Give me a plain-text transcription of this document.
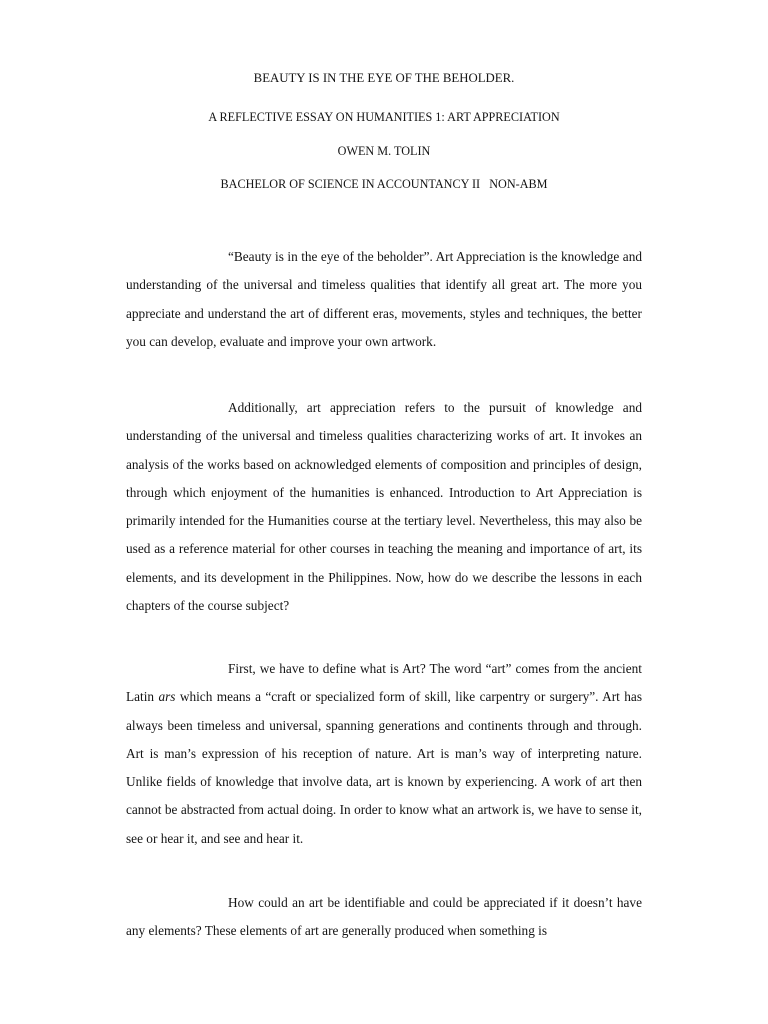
BEAUTY IS IN THE EYE OF THE BEHOLDER.
A REFLECTIVE ESSAY ON HUMANITIES 1: ART APPRECIATION
OWEN M. TOLIN
BACHELOR OF SCIENCE IN ACCOUNTANCY II   NON-ABM

“Beauty is in the eye of the beholder”. Art Appreciation is the knowledge and understanding of the universal and timeless qualities that identify all great art. The more you appreciate and understand the art of different eras, movements, styles and techniques, the better you can develop, evaluate and improve your own artwork.

Additionally, art appreciation refers to the pursuit of knowledge and understanding of the universal and timeless qualities characterizing works of art. It invokes an analysis of the works based on acknowledged elements of composition and principles of design, through which enjoyment of the humanities is enhanced. Introduction to Art Appreciation is primarily intended for the Humanities course at the tertiary level. Nevertheless, this may also be used as a reference material for other courses in teaching the meaning and importance of art, its elements, and its development in the Philippines. Now, how do we describe the lessons in each chapters of the course subject?

First, we have to define what is Art? The word “art” comes from the ancient Latin ars which means a “craft or specialized form of skill, like carpentry or surgery”. Art has always been timeless and universal, spanning generations and continents through and through. Art is man’s expression of his reception of nature. Art is man’s way of interpreting nature. Unlike fields of knowledge that involve data, art is known by experiencing. A work of art then cannot be abstracted from actual doing. In order to know what an artwork is, we have to sense it, see or hear it, and see and hear it.

How could an art be identifiable and could be appreciated if it doesn’t have any elements? These elements of art are generally produced when something is
